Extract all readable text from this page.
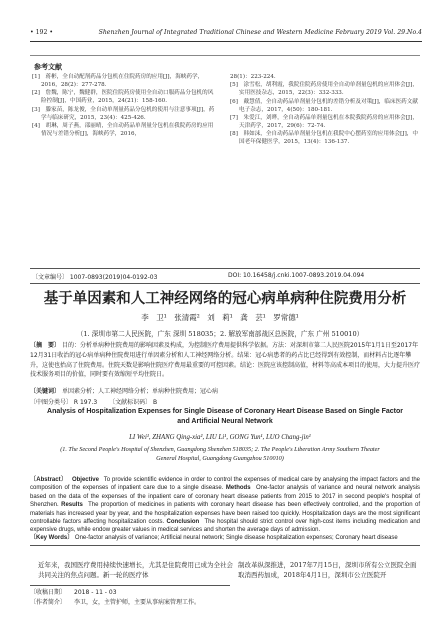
• 192 •	Shenzhen Journal of Integrated Traditional Chinese and Western Medicine February 2019 Vol. 29.No.4
参考文献
[1]　蒋彬，全自动配剂药品分包机在住院药房的应用[J]，海峡药学，2016，28(2)：277-278.
[2]　詹魏，陈宁，魏健群，医院住院药房使用全自动口服药品分包机的风险控制[J]，中国药业，2015，24(21)：158-160.
[3]　滕家苗，陈龙俊，全自动单剂量药品分包机的使用与注意事项[J]，药学与临床研究，2015，23(4)：425-426.
[4]　胡琳，周子燕，邵丽晴，全自动药品单剂量分包机在我院药房的应用情况与差错分析[J]，海峡药学，2016，
28(1)：223-224.
[5]　涂雪松，胡利霞，我院住院药房使用全自动单剂量包机的应用体会[J]，实用医技杂志，2015，22(3)：332-333.
[6]　戴慧倩，全自动药品单剂量分包机的差错分析及对策[J]，临床医药文献电子杂志，2017，4(50)：180-181.
[7]　朱爱江，刘晔，全自动药品单剂量包机在本院我院药房的应用体会[J]，天津药学，2017，29(6)：72-74.
[8]　韩如沫，全自动药品单剂量分包机在我院中心摆药室的应用体会[J]，中国老年保健医学，2015，13(4)：136-137.
〔文章编号〕 1007-0893(2019)04-0192-03	DOI: 10.16458/j.cnki.1007-0893.2019.04.094
基于单因素和人工神经网络的冠心病单病种住院费用分析
李　卫¹　张清霞²　刘　莉¹　龚　芸¹　罗常德¹
（1. 深圳市第二人民医院，广东 深圳 518035；2. 解放军南部战区总医院，广东 广州 510010）
〔摘　要〕 目的：分析单病种住院费用的影响因素及构成，为控制医疗费用提供科学依据。方法：对深圳市第二人民医院2015年1月1日至2017年12月31日收治的冠心病单病种住院费用进行单因素分析和人工神经网络分析。结果：冠心病患者的药占比已经得到有效控制，而材料占比逐年攀升，这使也抬高了住院费用。住院天数是影响住院医疗费用最重要的可控因素。结论：医院应该控制高值，材料等高成本项目的使用，大力提升医疗技术服务项目的价值，同时要有效缩短平均住院日。
〔关键词〕 单因素分析；人工神经网络分析；单病种住院费用；冠心病
〔中图分类号〕 R 197.3 〔文献标识码〕 B
Analysis of Hospitalization Expenses for Single Disease of Coronary Heart Disease Based on Single Factor and Artificial Neural Network
LI Wei¹, ZHANG Qing-xia², LIU Li¹, GONG Yun¹, LUO Chang-jin¹
(1. The Second People's Hospital of Shenzhen, Guangdong Shenzhen 518035; 2. The People's Liberation Army Southern Theater General Hospital, Guangdong Guangzhou 510010)
〔Abstract〕 Objective To provide scientific evidence in order to control the expenses of medical care by analysing the impact factors and the composition of the expenses of inpatient care due to a single disease. Methods One-factor analysis of variance and neural network analysis based on the data of the expenses of the inpatient care of coronary heart disease patients from 2015 to 2017 in second people's hospital of Shenzhen. Results The proportion of medicines in patients with coronary heart disease has been effectively controlled, and the proportion of materials has increased year by year, and the hospitalization expenses have been raised too quickly. Hospitalization days are the most significant controllable factors affecting hospitalization costs. Conclusion The hospital should strict control over high-cost items including medication and expensive drugs, while endow greater values in medical services and shorten the average days of admission.
〔Key Words〕 One-factor analysis of variance; Artificial neural network; Single disease hospitalization expenses; Coronary heart disease
近年来，我国医疗费用持续快速增长，尤其是住院费用已成为全社会共同关注的焦点问题。新一轮的医疗体
制改革纵深推进，2017年7月15日，深圳市所有公立医院全面取消西药加成，2018年4月1日，深圳市公立医院开
〔收稿日期〕 2018 - 11 - 03
〔作者简介〕 李卫，女，主管护师，主要从事病案管理工作。
